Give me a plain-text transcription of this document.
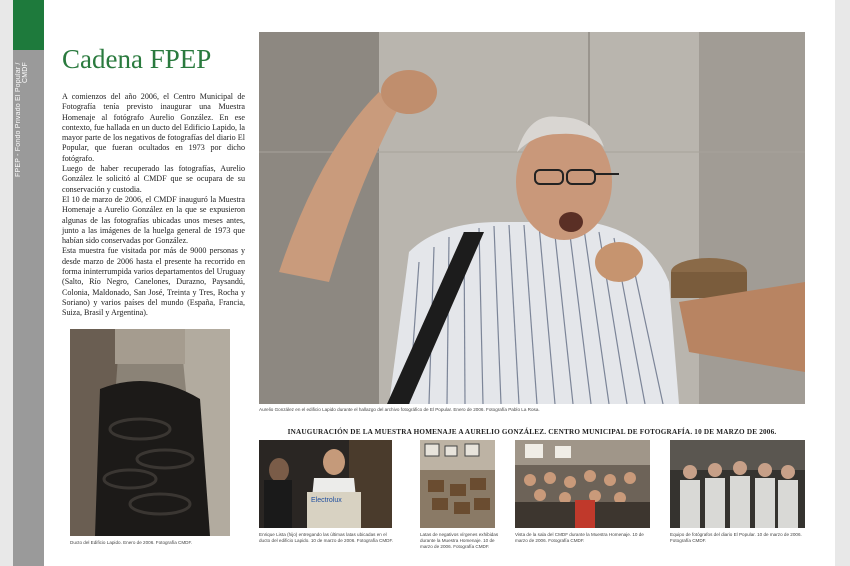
FPEP - Fondo Privado El Popular / CMDF Cadena FPEP

A comienzos del año 2006, el Centro Municipal de Fotografía tenía previsto inaugurar una Muestra Homenaje al fotógrafo Aurelio González. En ese contexto, fue hallada en un ducto del Edificio Lapido, la mayor parte de los negativos de fotografías del diario El Popular, que fueran ocultados en 1973 por dicho fotógrafo.

Luego de haber recuperado las fotografías, Aurelio González le solicitó al CMDF que se ocupara de su conservación y custodia.

El 10 de marzo de 2006, el CMDF inauguró la Muestra Homenaje a Aurelio González en la que se expusieron algunas de las fotografías ubicadas unos meses antes, junto a las imágenes de la huelga general de 1973 que habían sido conservadas por González.

Esta muestra fue visitada por más de 9000 personas y desde marzo de 2006 hasta el presente ha recorrido en forma ininterrumpida varios departamentos del Uruguay (Salto, Río Negro, Canelones, Durazno, Paysandú, Colonia, Maldonado, San José, Treinta y Tres, Rocha y Soriano) y varios países del mundo (España, Francia, Suiza, Brasil y Argentina).

Aurelio González en el edificio Lapido durante el hallazgo del archivo fotográfico de El Popular. Enero de 2006. Fotografía Pablo La Rosa.
Ducto del Edificio Lapido. Enero de 2006. Fotografía CMDF.
INAUGURACIÓN DE LA MUESTRA HOMENAJE A AURELIO GONZÁLEZ. CENTRO MUNICIPAL DE FOTOGRAFÍA. 10 DE MARZO DE 2006.
Electrolux
Enrique Lista (hijo) entregando las últimas latas ubicadas en el ducto del edificio Lapido. 10 de marzo de 2006. Fotografía CMDF.
Latas de negativos vírgenes exhibidas durante la Muestra Homenaje. 10 de marzo de 2006. Fotografía CMDF.
Vista de la sala del CMDF durante la Muestra Homenaje. 10 de marzo de 2006. Fotografía CMDF.
Equipo de fotógrafos del diario El Popular. 10 de marzo de 2006. Fotografía CMDF.
